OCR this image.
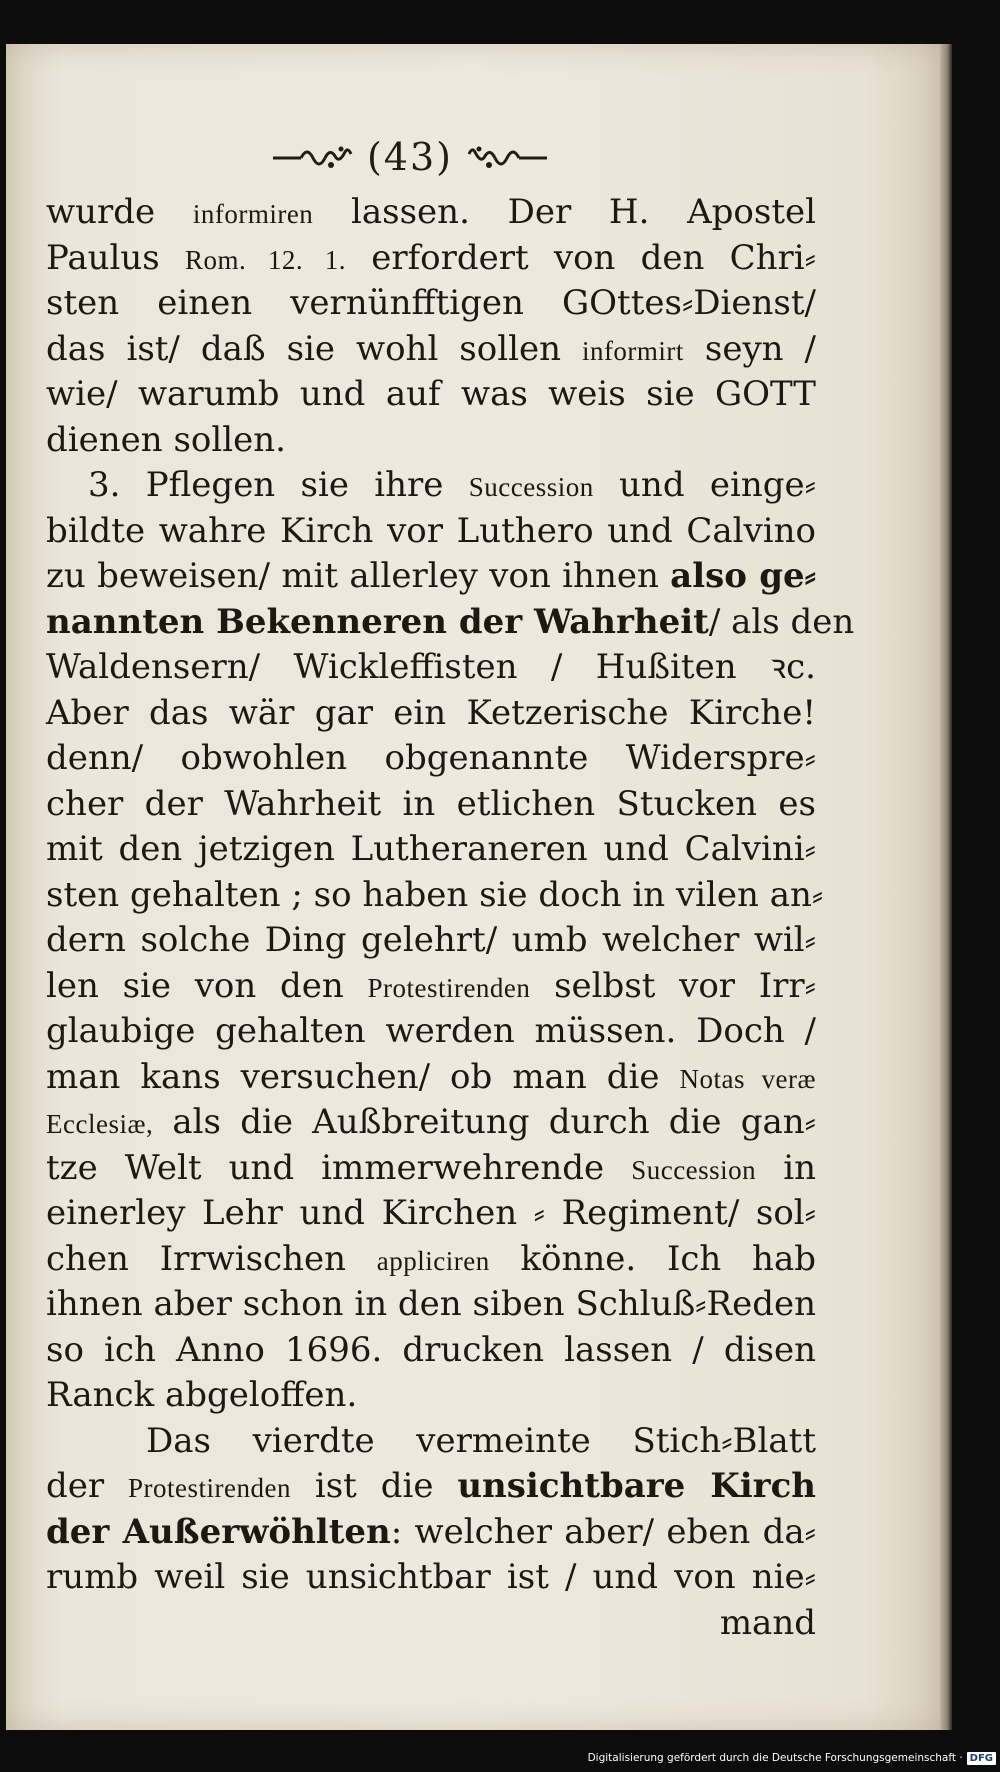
(43)
wurde informiren lassen. Der H. Apostel
Paulus Rom. 12. 1. erfordert von den Chri⸗
sten einen vernünfftigen GOttes⸗Dienst/
das ist/ daß sie wohl sollen informirt seyn /
wie/ warumb und auf was weis sie GOTT
dienen sollen.
3. Pflegen sie ihre Succession und einge⸗
bildte wahre Kirch vor Luthero und Calvino
zu beweisen/ mit allerley von ihnen also ge⸗
nannten Bekenneren der Wahrheit/ als den
Waldensern/ Wickleffisten / Hußiten ꝛc.
Aber das wär gar ein Ketzerische Kirche!
denn/ obwohlen obgenannte Widerspre⸗
cher der Wahrheit in etlichen Stucken es
mit den jetzigen Lutheraneren und Calvini⸗
sten gehalten ; so haben sie doch in vilen an⸗
dern solche Ding gelehrt/ umb welcher wil⸗
len sie von den Protestirenden selbst vor Irr⸗
glaubige gehalten werden müssen. Doch /
man kans versuchen/ ob man die Notas veræ
Ecclesiæ, als die Außbreitung durch die gan⸗
tze Welt und immerwehrende Succession in
einerley Lehr und Kirchen ⸗ Regiment/ sol⸗
chen Irrwischen appliciren könne. Ich hab
ihnen aber schon in den siben Schluß⸗Reden
so ich Anno 1696. drucken lassen / disen
Ranck abgeloffen.
Das vierdte vermeinte Stich⸗Blatt
der Protestirenden ist die unsichtbare Kirch
der Außerwöhlten: welcher aber/ eben da⸗
rumb weil sie unsichtbar ist / und von nie⸗
mand
Digitalisierung gefördert durch die Deutsche Forschungsgemeinschaft · DFG
